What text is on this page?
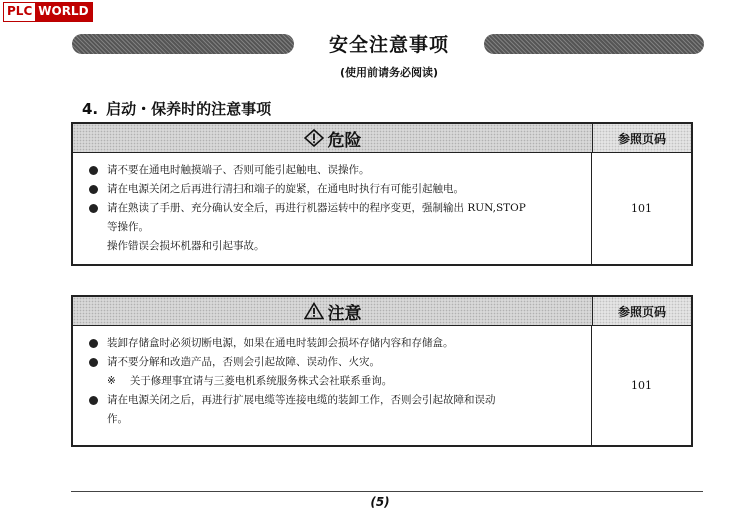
PLC WORLD
安全注意事项
(使用前请务必阅读)
4. 启动・保养时的注意事项
危险	参照页码
请不要在通电时触摸端子、否则可能引起触电、误操作。
请在电源关闭之后再进行清扫和端子的旋紧，在通电时执行有可能引起触电。
请在熟读了手册、充分确认安全后，再进行机器运转中的程序变更，强制输出 RUN,STOP
等操作。
操作错误会损坏机器和引起事故。
101
注意	参照页码
装卸存储盒时必须切断电源，如果在通电时装卸会损坏存储内容和存储盒。
请不要分解和改造产品，否则会引起故障、误动作、火灾。
※ 关于修理事宜请与三菱电机系统服务株式会社联系垂询。
请在电源关闭之后，再进行扩展电缆等连接电缆的装卸工作，否则会引起故障和误动
作。
101
(5)
